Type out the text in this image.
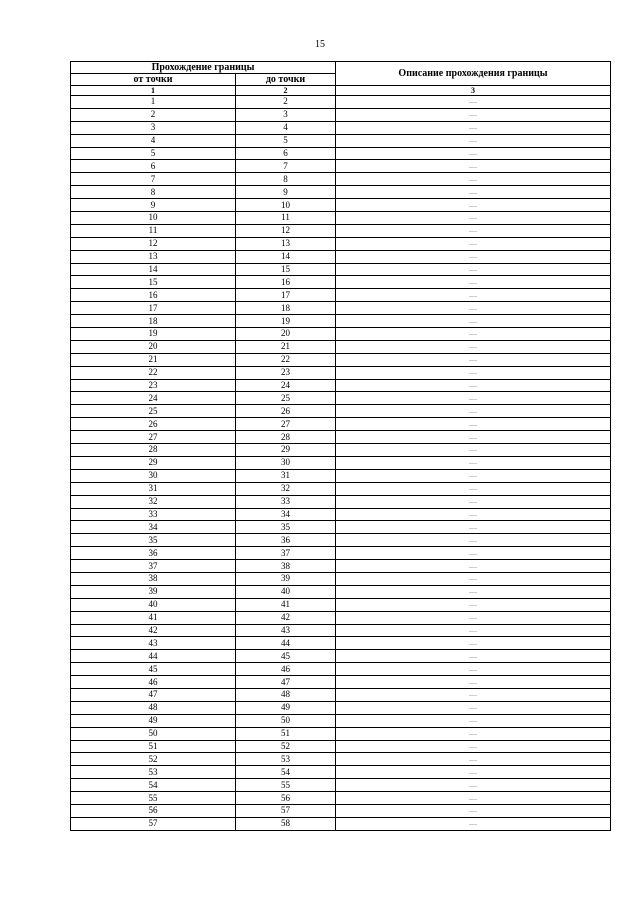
15
Прохождение границы		Описание прохождения границы
от точки	до точки	
1	2	3
1	2	—
2	3	—
3	4	—
4	5	—
5	6	—
6	7	—
7	8	—
8	9	—
9	10	—
10	11	—
11	12	—
12	13	—
13	14	—
14	15	—
15	16	—
16	17	—
17	18	—
18	19	—
19	20	—
20	21	—
21	22	—
22	23	—
23	24	—
24	25	—
25	26	—
26	27	—
27	28	—
28	29	—
29	30	—
30	31	—
31	32	—
32	33	—
33	34	—
34	35	—
35	36	—
36	37	—
37	38	—
38	39	—
39	40	—
40	41	—
41	42	—
42	43	—
43	44	—
44	45	—
45	46	—
46	47	—
47	48	—
48	49	—
49	50	—
50	51	—
51	52	—
52	53	—
53	54	—
54	55	—
55	56	—
56	57	—
57	58	—
